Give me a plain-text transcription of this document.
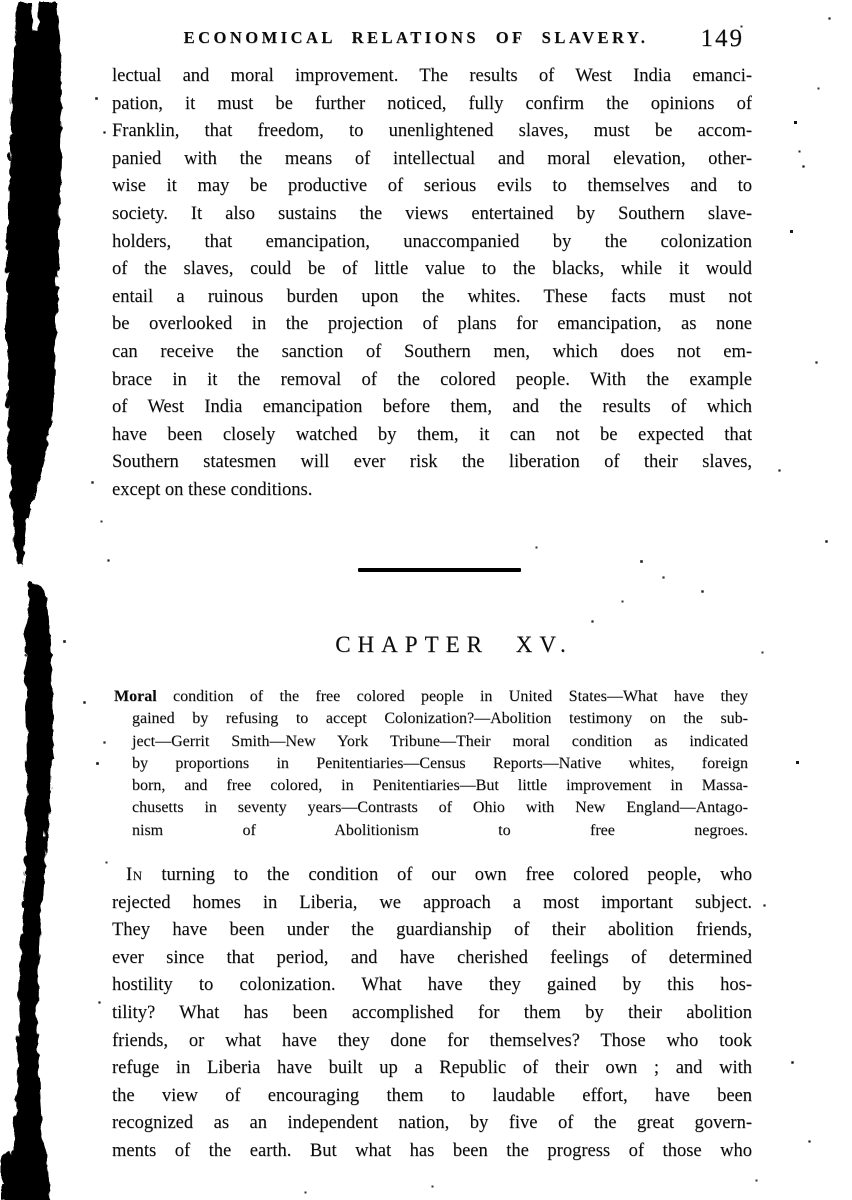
ECONOMICAL RELATIONS OF SLAVERY.	149
lectual and moral improvement. The results of West India emanci-
pation, it must be further noticed, fully confirm the opinions of
Franklin, that freedom, to unenlightened slaves, must be accom-
panied with the means of intellectual and moral elevation, other-
wise it may be productive of serious evils to themselves and to
society. It also sustains the views entertained by Southern slave-
holders, that emancipation, unaccompanied by the colonization
of the slaves, could be of little value to the blacks, while it would
entail a ruinous burden upon the whites. These facts must not
be overlooked in the projection of plans for emancipation, as none
can receive the sanction of Southern men, which does not em-
brace in it the removal of the colored people. With the example
of West India emancipation before them, and the results of which
have been closely watched by them, it can not be expected that
Southern statesmen will ever risk the liberation of their slaves,
except on these conditions.
CHAPTER XV.
Moral condition of the free colored people in United States—What have they
gained by refusing to accept Colonization?—Abolition testimony on the sub-
ject—Gerrit Smith—New York Tribune—Their moral condition as indicated
by proportions in Penitentiaries—Census Reports—Native whites, foreign
born, and free colored, in Penitentiaries—But little improvement in Massa-
chusetts in seventy years—Contrasts of Ohio with New England—Antago-
nism of Abolitionism to free negroes.
In turning to the condition of our own free colored people, who
rejected homes in Liberia, we approach a most important subject.
They have been under the guardianship of their abolition friends,
ever since that period, and have cherished feelings of determined
hostility to colonization. What have they gained by this hos-
tility? What has been accomplished for them by their abolition
friends, or what have they done for themselves? Those who took
refuge in Liberia have built up a Republic of their own ; and with
the view of encouraging them to laudable effort, have been
recognized as an independent nation, by five of the great govern-
ments of the earth. But what has been the progress of those who
